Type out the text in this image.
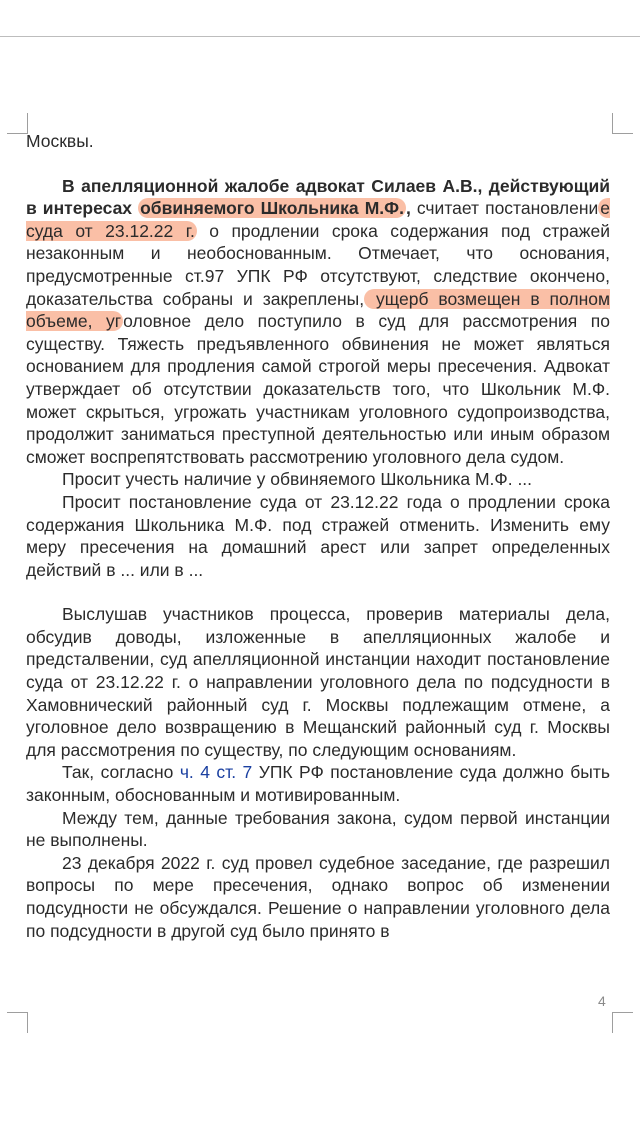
Москвы.

В апелляционной жалобе адвокат Силаев А.В., действующий в интересах обвиняемого Школьника М.Ф. , считает постановлени е суда от 23.12.22 г. о продлении срока содержания под стражей незаконным и необоснованным. Отмечает, что основания, предусмотренные ст.97 УПК РФ отсутствуют, следствие окончено, доказательства собраны и закреплены, ущерб возмещен в полном объеме, уг оловное дело поступило в суд для рассмотрения по существу. Тяжесть предъявленного обвинения не может являться основанием для продления самой строгой меры пресечения. Адвокат утверждает об отсутствии доказательств того, что Школьник М.Ф. может скрыться, угрожать участникам уголовного судопроизводства, продолжит заниматься преступной деятельностью или иным образом сможет воспрепятствовать рассмотрению уголовного дела судом.

Просит учесть наличие у обвиняемого Школьника М.Ф. ...

Просит постановление суда от 23.12.22 года о продлении срока содержания Школьника М.Ф. под стражей отменить. Изменить ему меру пресечения на домашний арест или запрет определенных действий в ... или в ...

Выслушав участников процесса, проверив материалы дела, обсудив доводы, изложенные в апелляционных жалобе и предсталвении, суд апелляционной инстанции находит постановление суда от 23.12.22 г. о направлении уголовного дела по подсудности в Хамовнический районный суд г. Москвы подлежащим отмене, а уголовное дело возвращению в Мещанский районный суд г. Москвы для рассмотрения по существу, по следующим основаниям.

Так, согласно ч. 4 ст. 7 УПК РФ постановление суда должно быть законным, обоснованным и мотивированным.

Между тем, данные требования закона, судом первой инстанции не выполнены.

23 декабря 2022 г. суд провел судебное заседание, где разрешил вопросы по мере пресечения, однако вопрос об изменении подсудности не обсуждался. Решение о направлении уголовного дела по подсудности в другой суд было принято в

4
